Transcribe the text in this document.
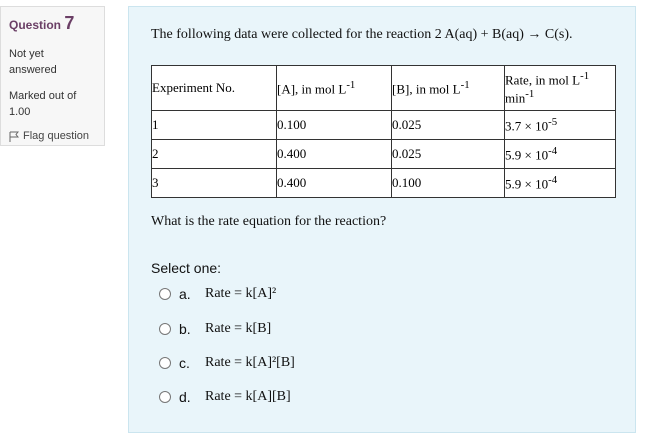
Question 7
Not yet
answered
Marked out of
1.00
Flag question
The following data were collected for the reaction 2 A(aq) + B(aq) → C(s).
Experiment No.	[A], in mol $L^{-1}$	[B], in mol $L^{-1}$	Rate, in mol $L^{-1}$
$\min^{-1}$
1	0.100	0.025	$3.7 \times 10^{-5}$
2	0.400	0.025	$5.9 \times 10^{-4}$
3	0.400	0.100	$5.9 \times 10^{-4}$
What is the rate equation for the reaction?
Select one:
a.	Rate = k[A]²
b.	Rate = k[B]
c.	Rate = k[A]²[B]
d.	Rate = k[A][B]
